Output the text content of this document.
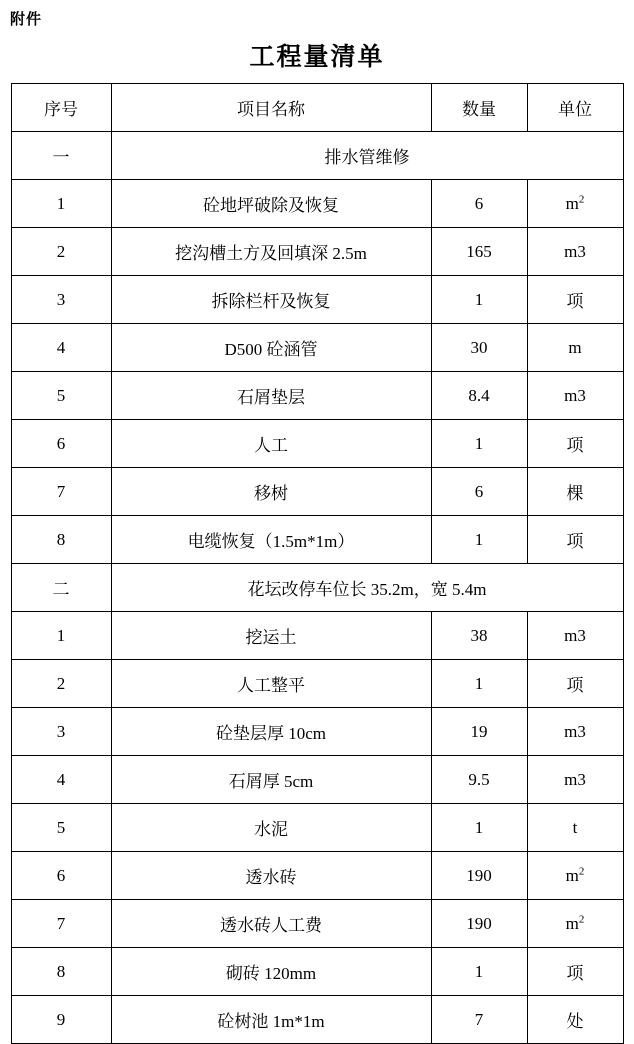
附件
工程量清单
序号	项目名称	数量	单位
一	排水管维修		
1	砼地坪破除及恢复	6	$m^2$
2	挖沟槽土方及回填深 2.5m	165	m3
3	拆除栏杆及恢复	1	项
4	D500 砼涵管	30	m
5	石屑垫层	8.4	m3
6	人工	1	项
7	移树	6	棵
8	电缆恢复（1.5m*1m）	1	项
二	花坛改停车位长 35.2m，宽 5.4m		
1	挖运土	38	m3
2	人工整平	1	项
3	砼垫层厚 10cm	19	m3
4	石屑厚 5cm	9.5	m3
5	水泥	1	t
6	透水砖	190	$m^2$
7	透水砖人工费	190	$m^2$
8	砌砖 120mm	1	项
9	砼树池 1m*1m	7	处
